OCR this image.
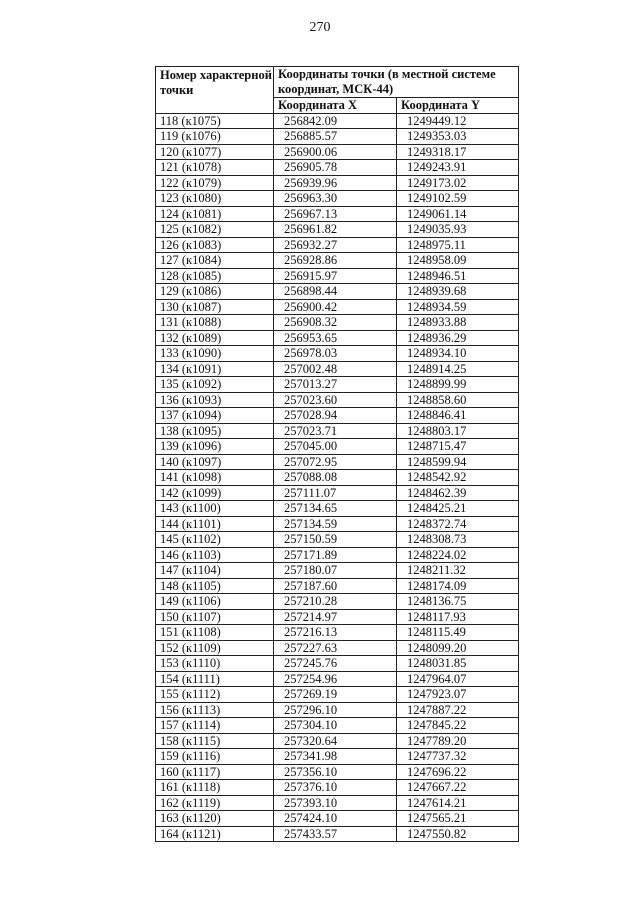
270
Номер характерной точки	Координаты точки (в местной системе координат, МСК-44)	
	Координата X	Координата Y
118 (к1075)	256842.09	1249449.12
119 (к1076)	256885.57	1249353.03
120 (к1077)	256900.06	1249318.17
121 (к1078)	256905.78	1249243.91
122 (к1079)	256939.96	1249173.02
123 (к1080)	256963.30	1249102.59
124 (к1081)	256967.13	1249061.14
125 (к1082)	256961.82	1249035.93
126 (к1083)	256932.27	1248975.11
127 (к1084)	256928.86	1248958.09
128 (к1085)	256915.97	1248946.51
129 (к1086)	256898.44	1248939.68
130 (к1087)	256900.42	1248934.59
131 (к1088)	256908.32	1248933.88
132 (к1089)	256953.65	1248936.29
133 (к1090)	256978.03	1248934.10
134 (к1091)	257002.48	1248914.25
135 (к1092)	257013.27	1248899.99
136 (к1093)	257023.60	1248858.60
137 (к1094)	257028.94	1248846.41
138 (к1095)	257023.71	1248803.17
139 (к1096)	257045.00	1248715.47
140 (к1097)	257072.95	1248599.94
141 (к1098)	257088.08	1248542.92
142 (к1099)	257111.07	1248462.39
143 (к1100)	257134.65	1248425.21
144 (к1101)	257134.59	1248372.74
145 (к1102)	257150.59	1248308.73
146 (к1103)	257171.89	1248224.02
147 (к1104)	257180.07	1248211.32
148 (к1105)	257187.60	1248174.09
149 (к1106)	257210.28	1248136.75
150 (к1107)	257214.97	1248117.93
151 (к1108)	257216.13	1248115.49
152 (к1109)	257227.63	1248099.20
153 (к1110)	257245.76	1248031.85
154 (к1111)	257254.96	1247964.07
155 (к1112)	257269.19	1247923.07
156 (к1113)	257296.10	1247887.22
157 (к1114)	257304.10	1247845.22
158 (к1115)	257320.64	1247789.20
159 (к1116)	257341.98	1247737.32
160 (к1117)	257356.10	1247696.22
161 (к1118)	257376.10	1247667.22
162 (к1119)	257393.10	1247614.21
163 (к1120)	257424.10	1247565.21
164 (к1121)	257433.57	1247550.82
